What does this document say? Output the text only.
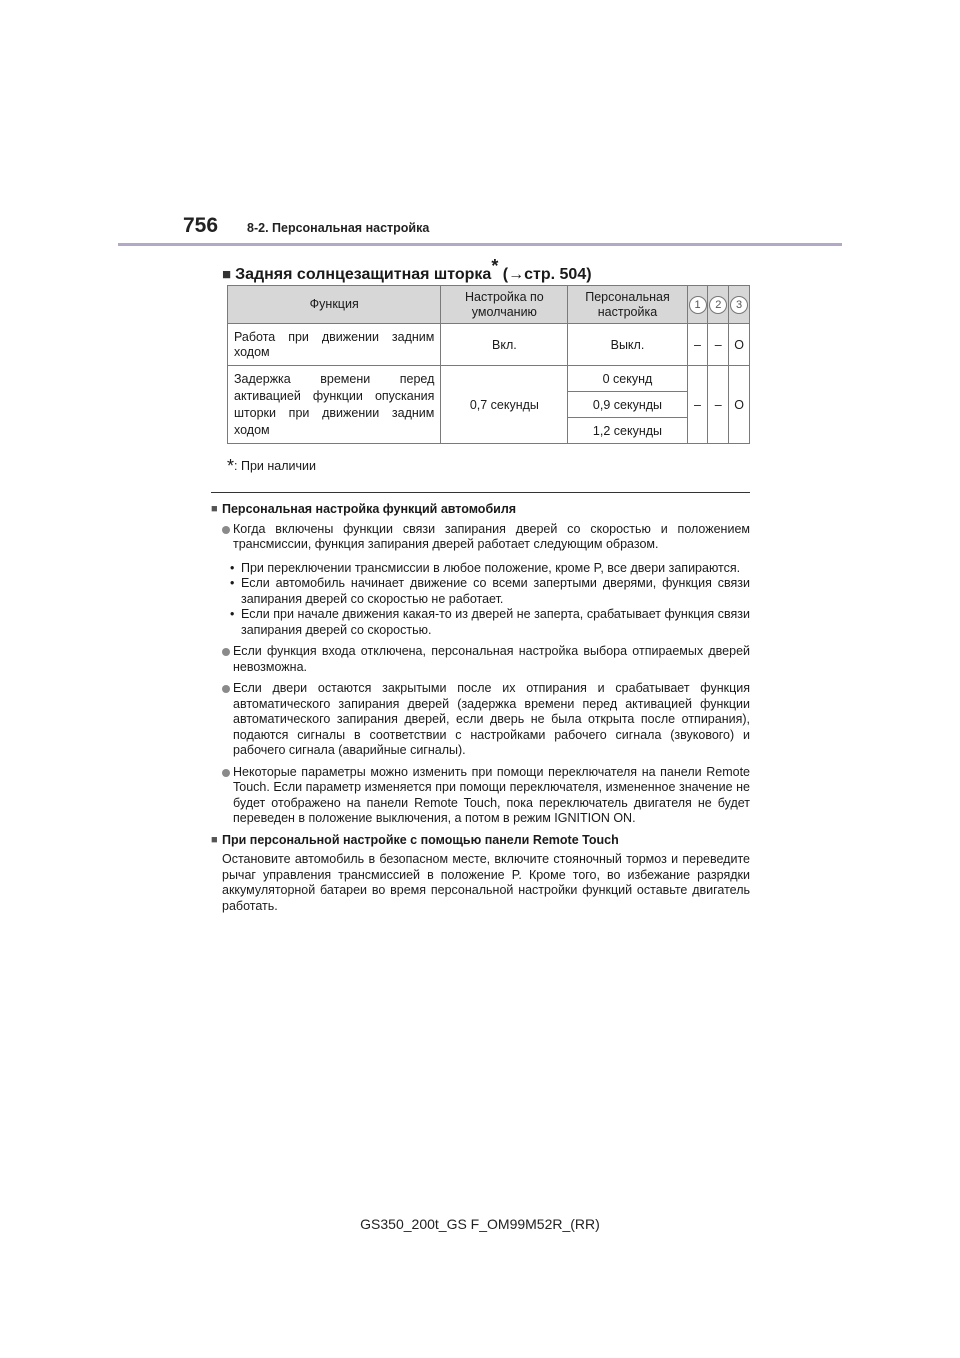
756 8-2. Персональная настройка
■ Задняя солнцезащитная шторка* (→стр. 504)
Функция	Настройка по умолчанию	Персональная настройка	1	2	3
Работа при движении задним ходом	Вкл.	Выкл.	–	–	O
Задержка времени перед активацией функции опускания шторки при движении задним ходом	0,7 секунды	0 секунд	–	–	O
		0,9 секунды			
		1,2 секунды			
*: При наличии
■ Персональная настройка функций автомобиля
Когда включены функции связи запирания дверей со скоростью и положением трансмиссии, функция запирания дверей работает следующим образом.
• При переключении трансмиссии в любое положение, кроме P, все двери запираются.
• Если автомобиль начинает движение со всеми запертыми дверями, функция связи запирания дверей со скоростью не работает.
• Если при начале движения какая-то из дверей не заперта, срабатывает функция связи запирания дверей со скоростью.
Если функция входа отключена, персональная настройка выбора отпираемых дверей невозможна.
Если двери остаются закрытыми после их отпирания и срабатывает функция автоматического запирания дверей (задержка времени перед активацией функции автоматического запирания дверей, если дверь не была открыта после отпирания), подаются сигналы в соответствии с настройками рабочего сигнала (звукового) и рабочего сигнала (аварийные сигналы).
Некоторые параметры можно изменить при помощи переключателя на панели Remote Touch. Если параметр изменяется при помощи переключателя, измененное значение не будет отображено на панели Remote Touch, пока переключатель двигателя не будет переведен в положение выключения, а потом в режим IGNITION ON.
■ При персональной настройке с помощью панели Remote Touch
Остановите автомобиль в безопасном месте, включите стояночный тормоз и переведите рычаг управления трансмиссией в положение P. Кроме того, во избежание разрядки аккумуляторной батареи во время персональной настройки функций оставьте двигатель работать.
GS350_200t_GS F_OM99M52R_(RR)
